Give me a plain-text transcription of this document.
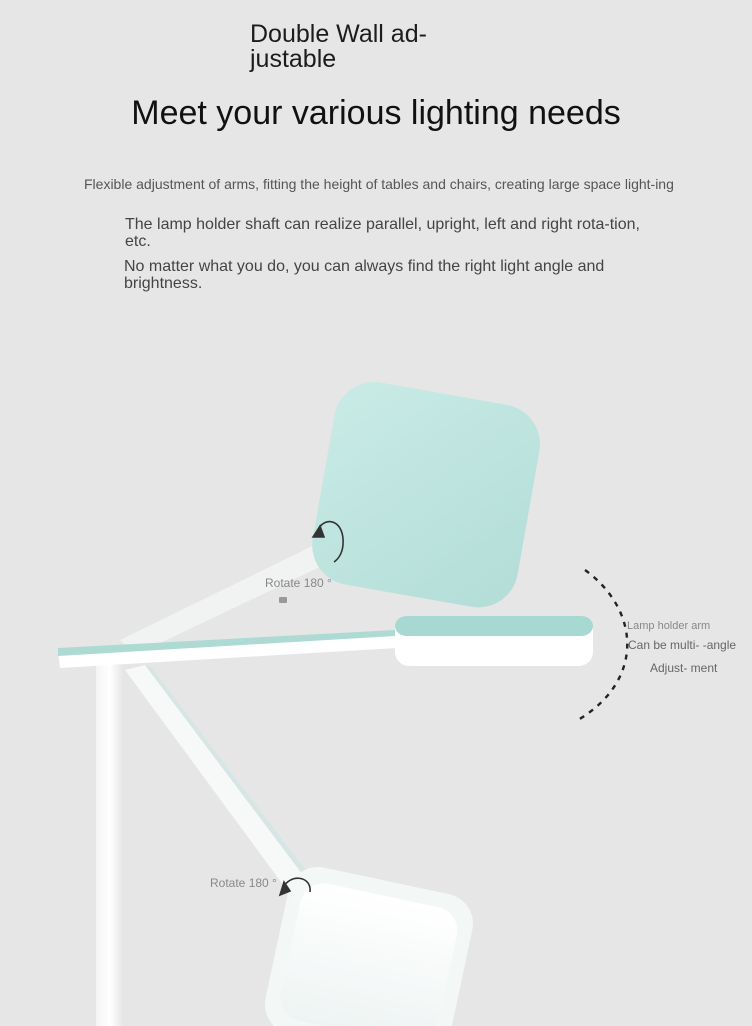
Double Wall ad-justable
Meet your various lighting needs
Flexible adjustment of arms, fitting the height of tables and chairs, creating large space light-ing
The lamp holder shaft can realize parallel, upright, left and right rota-tion, etc.
No matter what you do, you can always find the right light angle and brightness.
Lamp holder arm
Can be multi- -angle
Adjust- ment
Rotate 180 °
Rotate 180 °
